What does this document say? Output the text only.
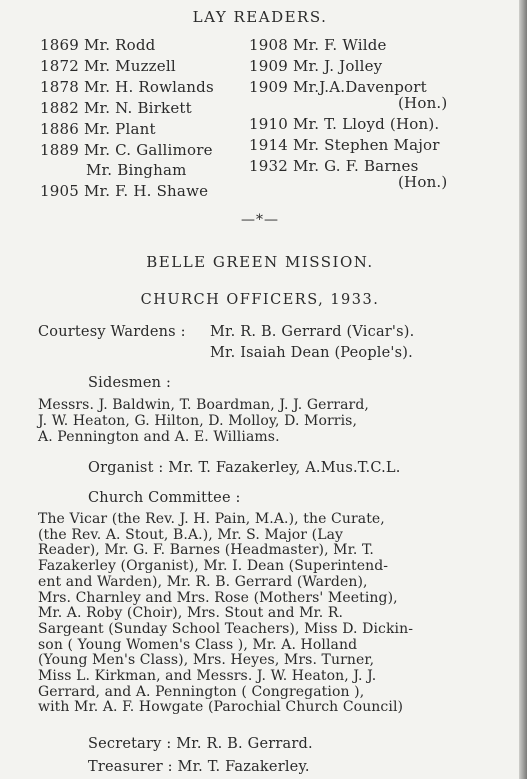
LAY READERS.
1869 Mr. Rodd
1872 Mr. Muzzell
1878 Mr. H. Rowlands
1882 Mr. N. Birkett
1886 Mr. Plant
1889 Mr. C. Gallimore
Mr. Bingham
1905 Mr. F. H. Shawe
1908 Mr. F. Wilde
1909 Mr. J. Jolley
1909 Mr.J.A.Davenport
(Hon.)
1910 Mr. T. Lloyd (Hon).
1914 Mr. Stephen Major
1932 Mr. G. F. Barnes
(Hon.)
—*—
BELLE GREEN MISSION.
CHURCH OFFICERS, 1933.
Courtesy Wardens : Mr. R. B. Gerrard (Vicar's).
Mr. Isaiah Dean (People's).
Sidesmen :
Messrs. J. Baldwin, T. Boardman, J. J. Gerrard,
J. W. Heaton, G. Hilton, D. Molloy, D. Morris,
A. Pennington and A. E. Williams.
Organist : Mr. T. Fazakerley, A.Mus.T.C.L.
Church Committee :
The Vicar (the Rev. J. H. Pain, M.A.), the Curate,
(the Rev. A. Stout, B.A.), Mr. S. Major (Lay
Reader), Mr. G. F. Barnes (Headmaster), Mr. T.
Fazakerley (Organist), Mr. I. Dean (Superintend-
ent and Warden), Mr. R. B. Gerrard (Warden),
Mrs. Charnley and Mrs. Rose (Mothers' Meeting),
Mr. A. Roby (Choir), Mrs. Stout and Mr. R.
Sargeant (Sunday School Teachers), Miss D. Dickin-
son ( Young Women's Class ), Mr. A. Holland
(Young Men's Class), Mrs. Heyes, Mrs. Turner,
Miss L. Kirkman, and Messrs. J. W. Heaton, J. J.
Gerrard, and A. Pennington ( Congregation ),
with Mr. A. F. Howgate (Parochial Church Council)
Secretary : Mr. R. B. Gerrard.
Treasurer : Mr. T. Fazakerley.
